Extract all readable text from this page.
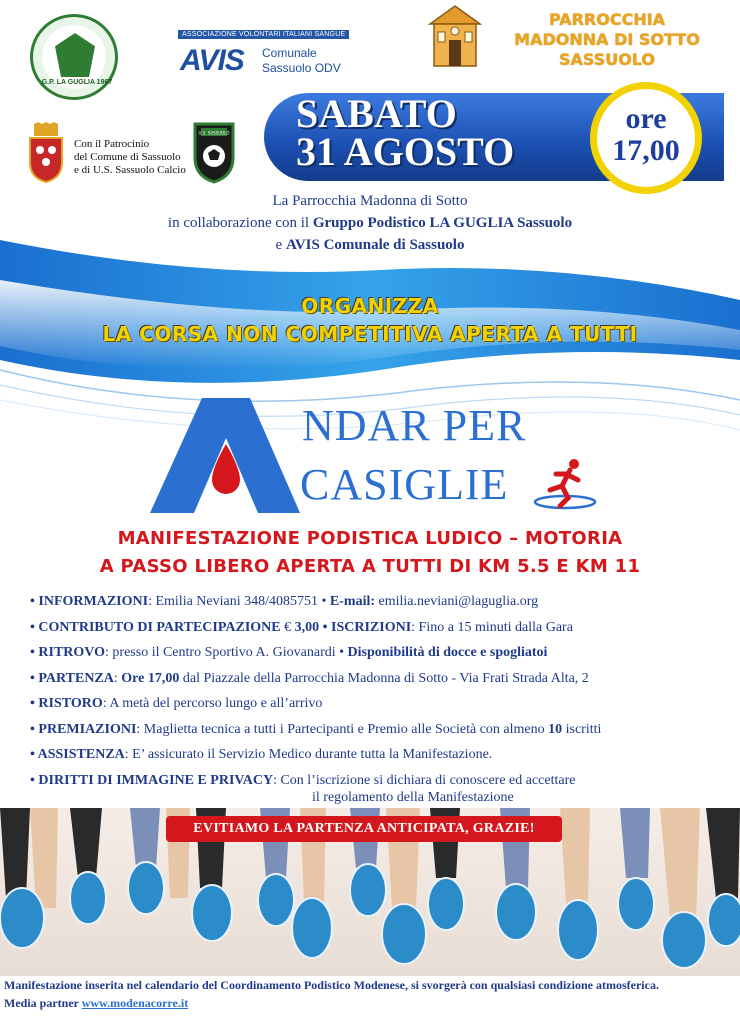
G.P. LA GUGLIA 1967
ASSOCIAZIONE VOLONTARI ITALIANI SANGUE
AVIS Comunale
Sassuolo ODV
PARROCCHIA
MADONNA DI SOTTO
SASSUOLO
Con il Patrocinio
del Comune di Sassuolo
e di U.S. Sassuolo Calcio
U.S. SASSUOLO SABATO
31 AGOSTO
ore
17,00
La Parrocchia Madonna di Sotto
in collaborazione con il Gruppo Podistico LA GUGLIA Sassuolo
e AVIS Comunale di Sassuolo
ORGANIZZA
LA CORSA NON COMPETITIVA APERTA A TUTTI
NDAR PER
CASIGLIE
MANIFESTAZIONE PODISTICA LUDICO – MOTORIA
A PASSO LIBERO APERTA A TUTTI DI KM 5.5 E KM 11
• INFORMAZIONI: Emilia Neviani 348/4085751 • E-mail: emilia.neviani@laguglia.org
• CONTRIBUTO DI PARTECIPAZIONE € 3,00 • ISCRIZIONI: Fino a 15 minuti dalla Gara
• RITROVO: presso il Centro Sportivo A. Giovanardi • Disponibilità di docce e spogliatoi
• PARTENZA: Ore 17,00 dal Piazzale della Parrocchia Madonna di Sotto - Via Frati Strada Alta, 2
• RISTORO: A metà del percorso lungo e all’arrivo
• PREMIAZIONI: Maglietta tecnica a tutti i Partecipanti e Premio alle Società con almeno 10 iscritti
• ASSISTENZA: E’ assicurato il Servizio Medico durante tutta la Manifestazione.
• DIRITTI DI IMMAGINE E PRIVACY: Con l’iscrizione si dichiara di conoscere ed accettare
il regolamento della Manifestazione
EVITIAMO LA PARTENZA ANTICIPATA, GRAZIE!
Manifestazione inserita nel calendario del Coordinamento Podistico Modenese, si svorgerà con qualsiasi condizione atmosferica.
Media partner www.modenacorre.it
